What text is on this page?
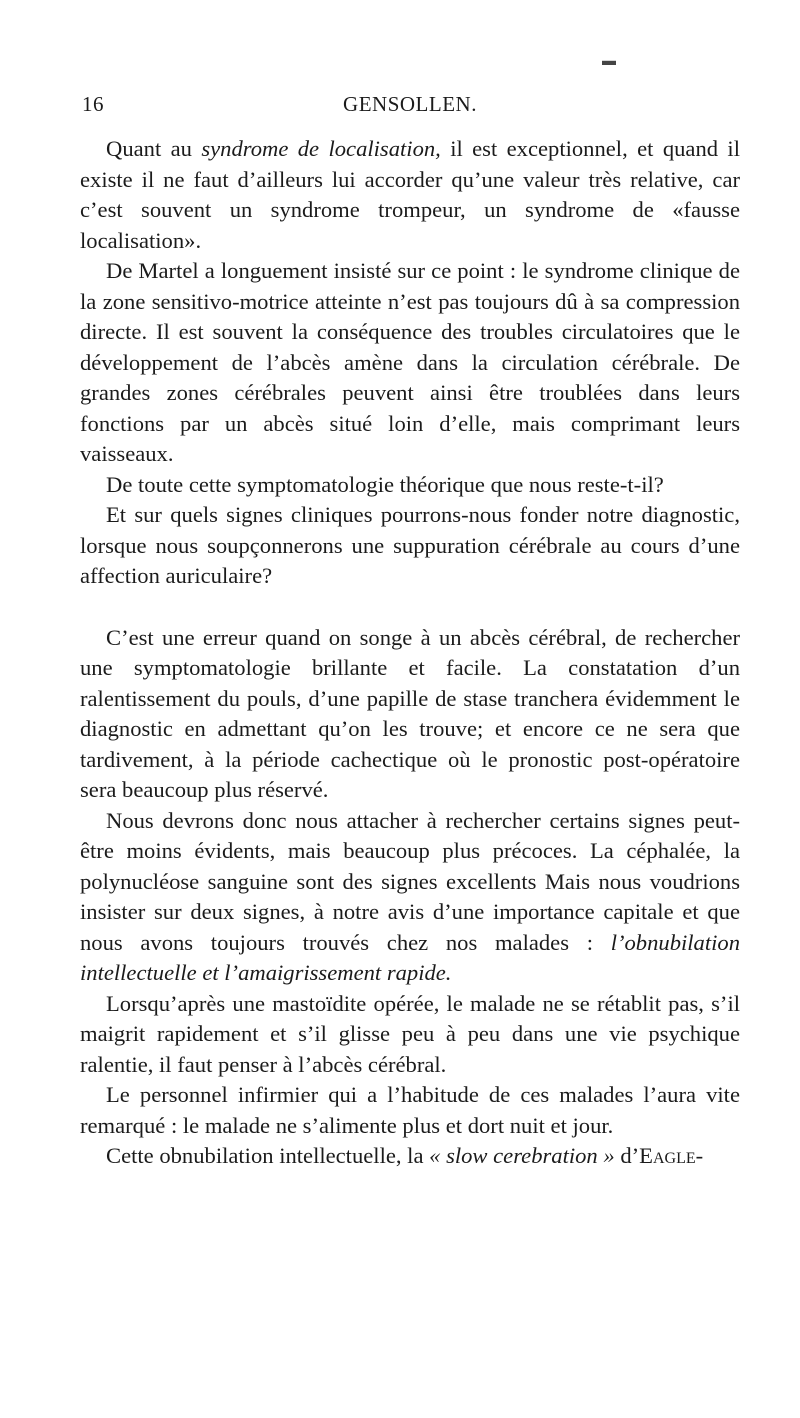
▬
16	GENSOLLEN.

Quant au syndrome de localisation, il est exceptionnel, et quand il existe il ne faut d’ailleurs lui accorder qu’une valeur très relative, car c’est souvent un syndrome trompeur, un syndrome de «fausse localisation».

De Martel a longuement insisté sur ce point : le syndrome clinique de la zone sensitivo-motrice atteinte n’est pas toujours dû à sa compression directe. Il est souvent la conséquence des troubles circulatoires que le développement de l’abcès amène dans la circulation cérébrale. De grandes zones cérébrales peuvent ainsi être troublées dans leurs fonctions par un abcès situé loin d’elle, mais comprimant leurs vaisseaux.

De toute cette symptomatologie théorique que nous reste-t-il?

Et sur quels signes cliniques pourrons-nous fonder notre diagnostic, lorsque nous soupçonnerons une suppuration cérébrale au cours d’une affection auriculaire?

C’est une erreur quand on songe à un abcès cérébral, de rechercher une symptomatologie brillante et facile. La constatation d’un ralentissement du pouls, d’une papille de stase tranchera évidemment le diagnostic en admettant qu’on les trouve; et encore ce ne sera que tardivement, à la période cachectique où le pronostic post-opératoire sera beaucoup plus réservé.

Nous devrons donc nous attacher à rechercher certains signes peut-être moins évidents, mais beaucoup plus précoces. La céphalée, la polynucléose sanguine sont des signes excellents Mais nous voudrions insister sur deux signes, à notre avis d’une importance capitale et que nous avons toujours trouvés chez nos malades : l’obnubilation intellectuelle et l’amaigrissement rapide.

Lorsqu’après une mastoïdite opérée, le malade ne se rétablit pas, s’il maigrit rapidement et s’il glisse peu à peu dans une vie psychique ralentie, il faut penser à l’abcès cérébral.

Le personnel infirmier qui a l’habitude de ces malades l’aura vite remarqué : le malade ne s’alimente plus et dort nuit et jour.

Cette obnubilation intellectuelle, la « slow cerebration » d’Eagle-
